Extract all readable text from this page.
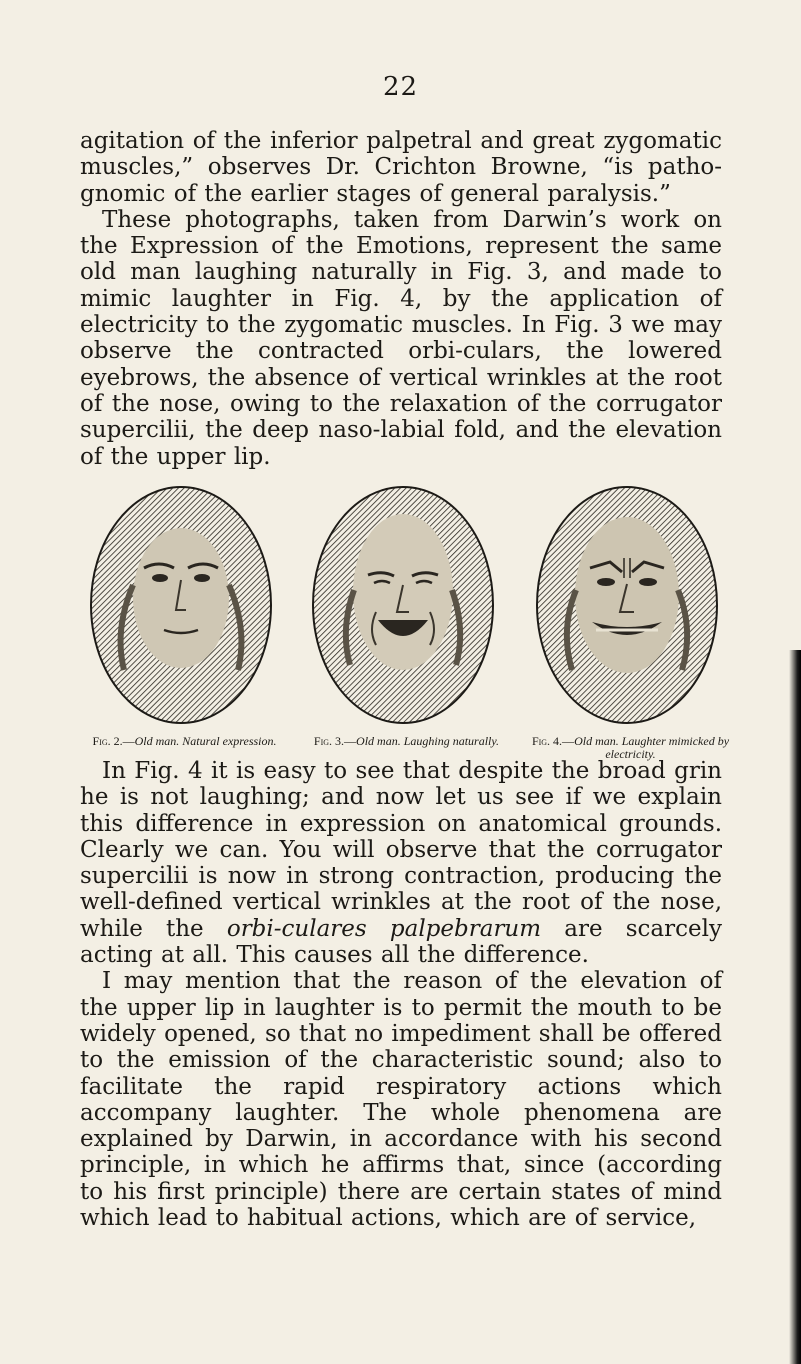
22

agitation of the inferior palpetral and great zygomatic muscles,” observes Dr. Crichton Browne, “is patho-gnomic of the earlier stages of general paralysis.”
These photographs, taken from Darwin’s work on the Expression of the Emotions, represent the same old man laughing naturally in Fig. 3, and made to mimic laughter in Fig. 4, by the application of electricity to the zygomatic muscles. In Fig. 3 we may observe the contracted orbi-culars, the lowered eyebrows, the absence of vertical wrinkles at the root of the nose, owing to the relaxation of the corrugator supercilii, the deep naso-labial fold, and the elevation of the upper lip.

Fig. 2.—Old man. Natural expression.	Fig. 3.—Old man. Laughing naturally.	Fig. 4.—Old man. Laughter mimicked by electricity.

In Fig. 4 it is easy to see that despite the broad grin he is not laughing; and now let us see if we explain this difference in expression on anatomical grounds. Clearly we can. You will observe that the corrugator supercilii is now in strong contraction, producing the well-defined vertical wrinkles at the root of the nose, while the orbi-culares palpebrarum are scarcely acting at all. This causes all the difference.

I may mention that the reason of the elevation of the upper lip in laughter is to permit the mouth to be widely opened, so that no impediment shall be offered to the emission of the characteristic sound; also to facilitate the rapid respiratory actions which accompany laughter. The whole phenomena are explained by Darwin, in accordance with his second principle, in which he affirms that, since (according to his first principle) there are certain states of mind which lead to habitual actions, which are of service,
